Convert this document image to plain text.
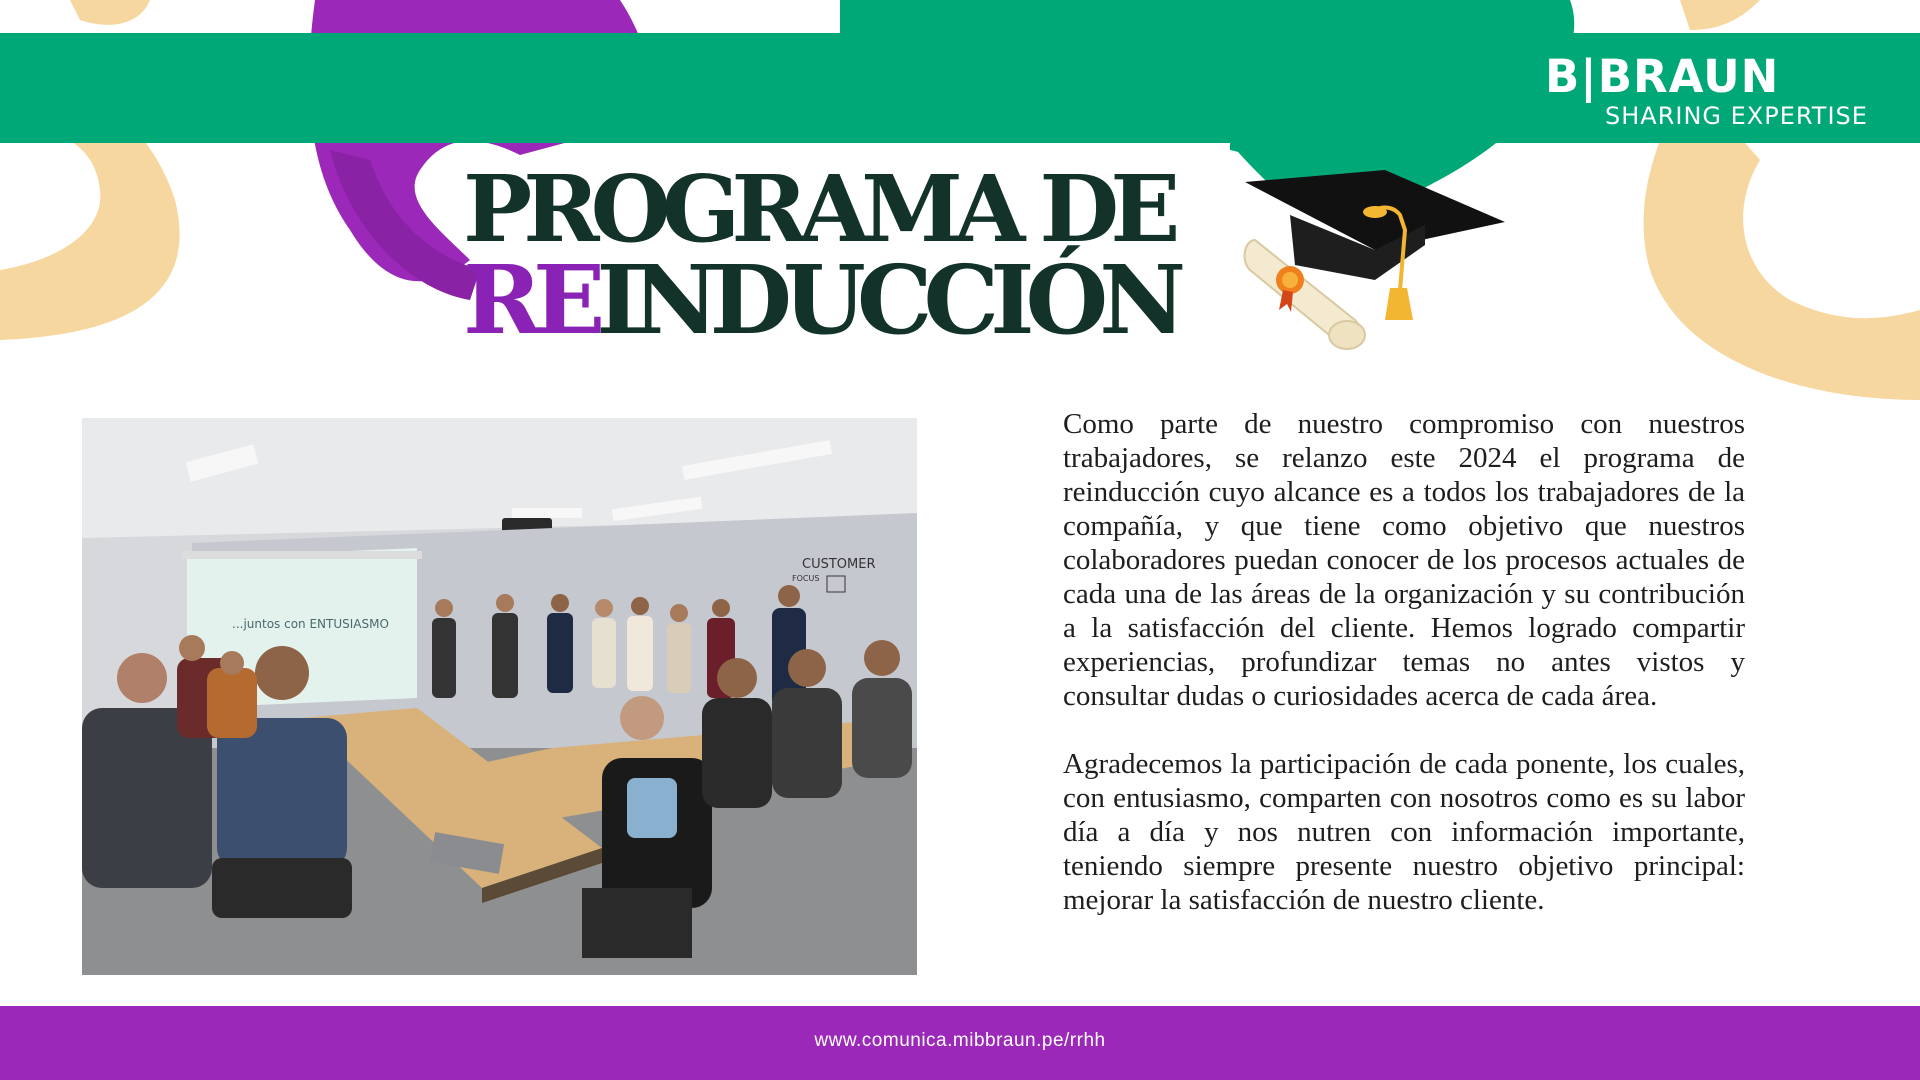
B|BRAUN
SHARING EXPERTISE
PROGRAMA DE
REINDUCCIÓN
...juntos con ENTUSIASMO
CUSTOMER
FOCUS

Como parte de nuestro compromiso con nuestros trabajadores, se relanzo este 2024 el programa de reinducción cuyo alcance es a todos los trabajadores de la compañía, y que tiene como objetivo que nuestros colaboradores puedan conocer de los procesos actuales de cada una de las áreas de la organización y su contribución a la satisfacción del cliente. Hemos logrado compartir experiencias, profundizar temas no antes vistos y consultar dudas o curiosidades acerca de cada área.

Agradecemos la participación de cada ponente, los cuales, con entusiasmo, comparten con nosotros como es su labor día a día y nos nutren con información importante, teniendo siempre presente nuestro objetivo principal: mejorar la satisfacción de nuestro cliente.

www.comunica.mibbraun.pe/rrhh
